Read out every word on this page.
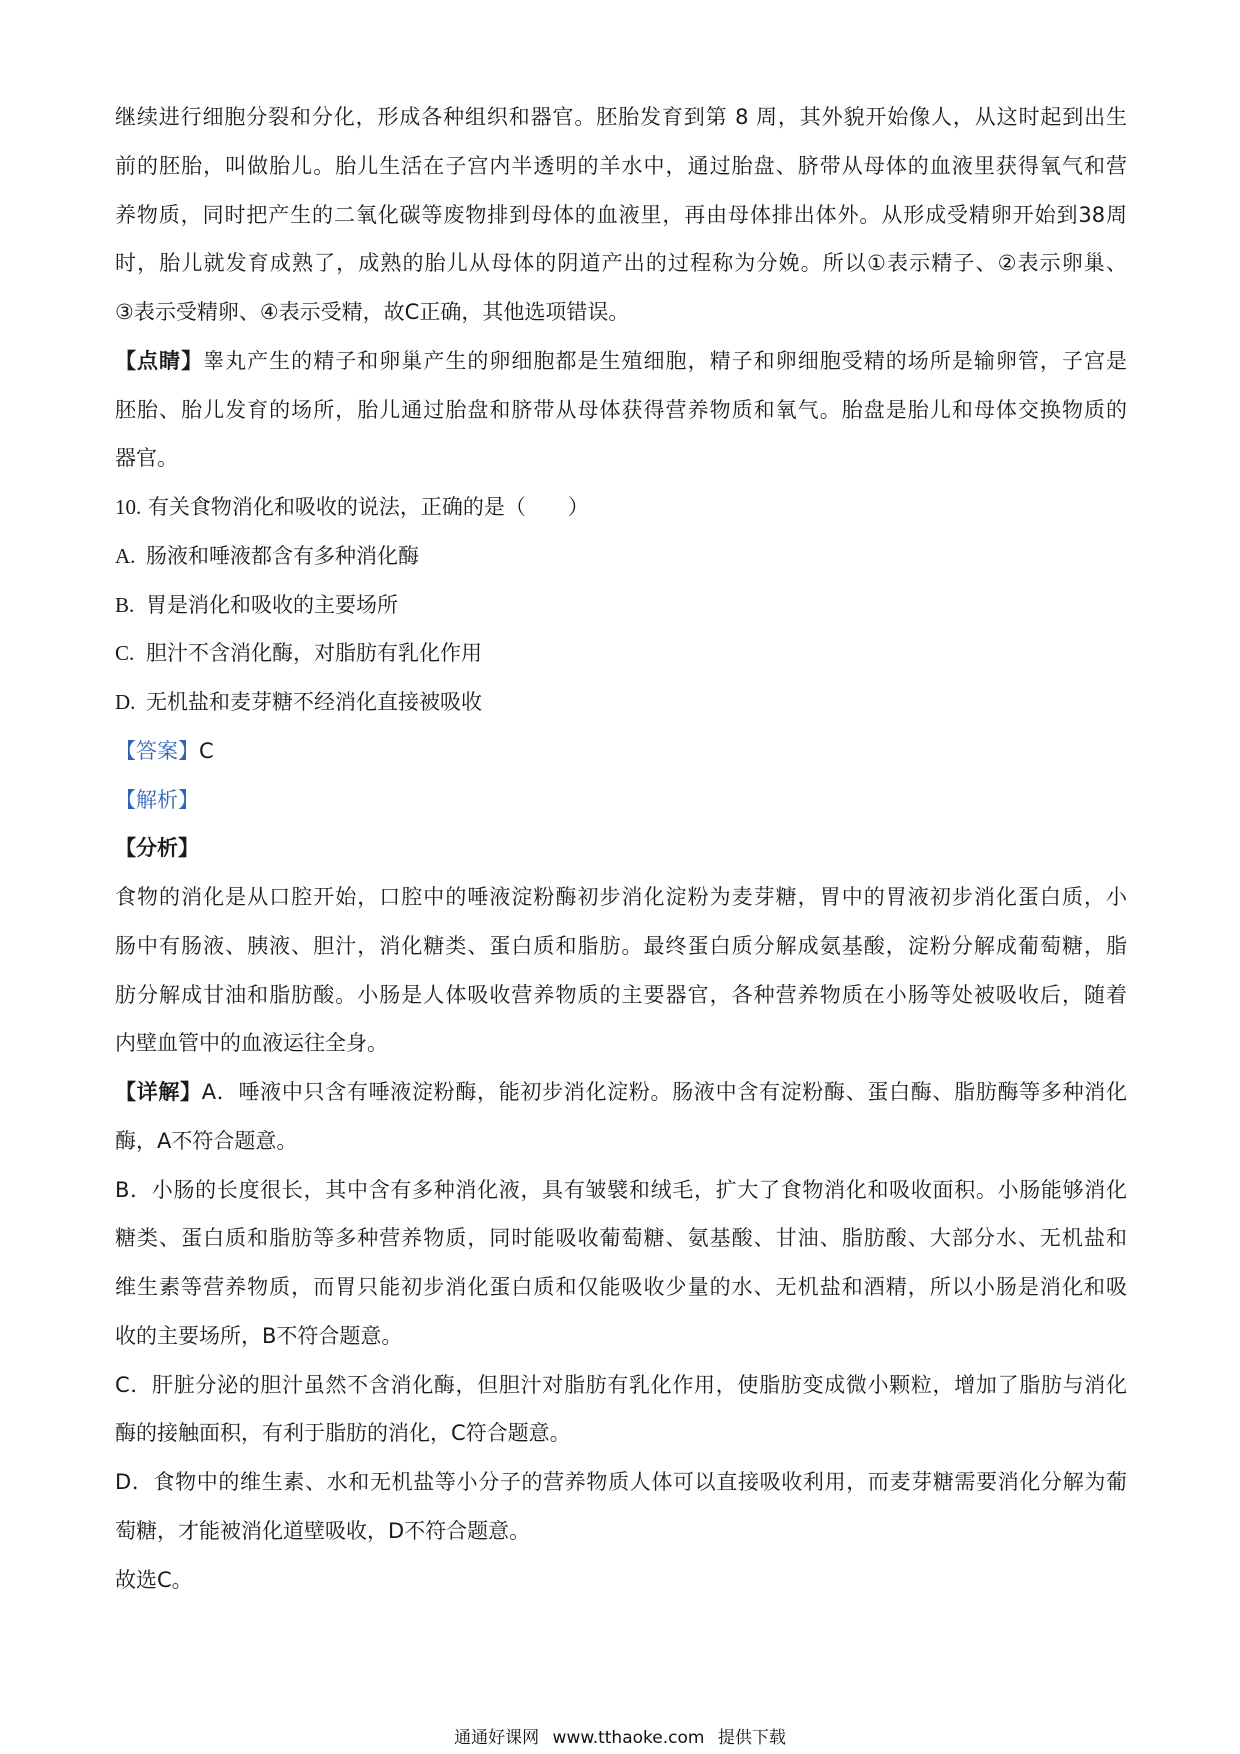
继续进行细胞分裂和分化，形成各种组织和器官。胚胎发育到第 8 周，其外貌开始像人，从这时起到出生
前的胚胎，叫做胎儿。胎儿生活在子宫内半透明的羊水中，通过胎盘、脐带从母体的血液里获得氧气和营
养物质，同时把产生的二氧化碳等废物排到母体的血液里，再由母体排出体外。从形成受精卵开始到38周
时，胎儿就发育成熟了，成熟的胎儿从母体的阴道产出的过程称为分娩。所以①表示精子、②表示卵巢、
③表示受精卵、④表示受精，故C正确，其他选项错误。
【点睛】睾丸产生的精子和卵巢产生的卵细胞都是生殖细胞，精子和卵细胞受精的场所是输卵管，子宫是
胚胎、胎儿发育的场所，胎儿通过胎盘和脐带从母体获得营养物质和氧气。胎盘是胎儿和母体交换物质的
器官。
10. 有关食物消化和吸收的说法，正确的是（　　）
A. 肠液和唾液都含有多种消化酶
B. 胃是消化和吸收的主要场所
C. 胆汁不含消化酶，对脂肪有乳化作用
D. 无机盐和麦芽糖不经消化直接被吸收
【答案】C
【解析】
【分析】
食物的消化是从口腔开始，口腔中的唾液淀粉酶初步消化淀粉为麦芽糖，胃中的胃液初步消化蛋白质，小
肠中有肠液、胰液、胆汁，消化糖类、蛋白质和脂肪。最终蛋白质分解成氨基酸，淀粉分解成葡萄糖，脂
肪分解成甘油和脂肪酸。小肠是人体吸收营养物质的主要器官，各种营养物质在小肠等处被吸收后，随着
内壁血管中的血液运往全身。
【详解】A．唾液中只含有唾液淀粉酶，能初步消化淀粉。肠液中含有淀粉酶、蛋白酶、脂肪酶等多种消化
酶，A不符合题意。
B．小肠的长度很长，其中含有多种消化液，具有皱襞和绒毛，扩大了食物消化和吸收面积。小肠能够消化
糖类、蛋白质和脂肪等多种营养物质，同时能吸收葡萄糖、氨基酸、甘油、脂肪酸、大部分水、无机盐和
维生素等营养物质，而胃只能初步消化蛋白质和仅能吸收少量的水、无机盐和酒精，所以小肠是消化和吸
收的主要场所，B不符合题意。
C．肝脏分泌的胆汁虽然不含消化酶，但胆汁对脂肪有乳化作用，使脂肪变成微小颗粒，增加了脂肪与消化
酶的接触面积，有利于脂肪的消化，C符合题意。
D．食物中的维生素、水和无机盐等小分子的营养物质人体可以直接吸收利用，而麦芽糖需要消化分解为葡
萄糖，才能被消化道壁吸收，D不符合题意。
故选C。
通通好课网 www.tthaoke.com 提供下载
